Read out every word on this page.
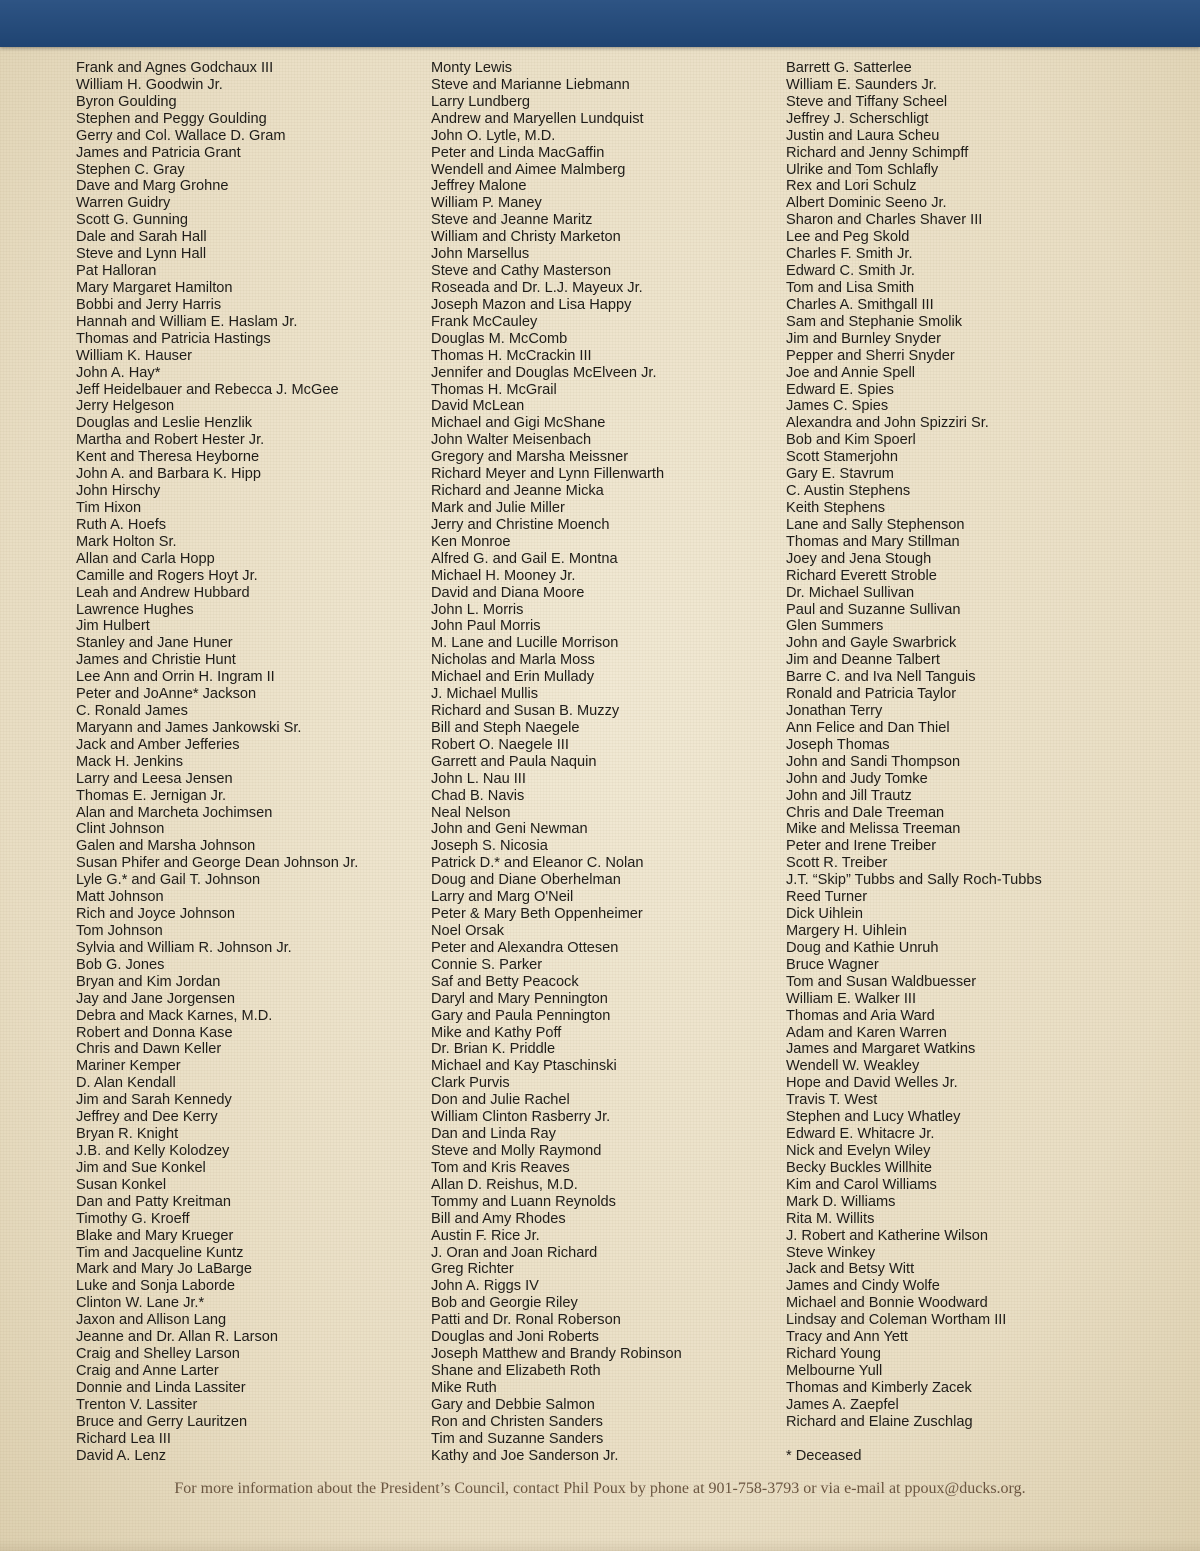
Frank and Agnes Godchaux III
William H. Goodwin Jr.
Byron Goulding
Stephen and Peggy Goulding
Gerry and Col. Wallace D. Gram
James and Patricia Grant
Stephen C. Gray
Dave and Marg Grohne
Warren Guidry
Scott G. Gunning
Dale and Sarah Hall
Steve and Lynn Hall
Pat Halloran
Mary Margaret Hamilton
Bobbi and Jerry Harris
Hannah and William E. Haslam Jr.
Thomas and Patricia Hastings
William K. Hauser
John A. Hay*
Jeff Heidelbauer and Rebecca J. McGee
Jerry Helgeson
Douglas and Leslie Henzlik
Martha and Robert Hester Jr.
Kent and Theresa Heyborne
John A. and Barbara K. Hipp
John Hirschy
Tim Hixon
Ruth A. Hoefs
Mark Holton Sr.
Allan and Carla Hopp
Camille and Rogers Hoyt Jr.
Leah and Andrew Hubbard
Lawrence Hughes
Jim Hulbert
Stanley and Jane Huner
James and Christie Hunt
Lee Ann and Orrin H. Ingram II
Peter and JoAnne* Jackson
C. Ronald James
Maryann and James Jankowski Sr.
Jack and Amber Jefferies
Mack H. Jenkins
Larry and Leesa Jensen
Thomas E. Jernigan Jr.
Alan and Marcheta Jochimsen
Clint Johnson
Galen and Marsha Johnson
Susan Phifer and George Dean Johnson Jr.
Lyle G.* and Gail T. Johnson
Matt Johnson
Rich and Joyce Johnson
Tom Johnson
Sylvia and William R. Johnson Jr.
Bob G. Jones
Bryan and Kim Jordan
Jay and Jane Jorgensen
Debra and Mack Karnes, M.D.
Robert and Donna Kase
Chris and Dawn Keller
Mariner Kemper
D. Alan Kendall
Jim and Sarah Kennedy
Jeffrey and Dee Kerry
Bryan R. Knight
J.B. and Kelly Kolodzey
Jim and Sue Konkel
Susan Konkel
Dan and Patty Kreitman
Timothy G. Kroeff
Blake and Mary Krueger
Tim and Jacqueline Kuntz
Mark and Mary Jo LaBarge
Luke and Sonja Laborde
Clinton W. Lane Jr.*
Jaxon and Allison Lang
Jeanne and Dr. Allan R. Larson
Craig and Shelley Larson
Craig and Anne Larter
Donnie and Linda Lassiter
Trenton V. Lassiter
Bruce and Gerry Lauritzen
Richard Lea III
David A. Lenz
Monty Lewis
Steve and Marianne Liebmann
Larry Lundberg
Andrew and Maryellen Lundquist
John O. Lytle, M.D.
Peter and Linda MacGaffin
Wendell and Aimee Malmberg
Jeffrey Malone
William P. Maney
Steve and Jeanne Maritz
William and Christy Marketon
John Marsellus
Steve and Cathy Masterson
Roseada and Dr. L.J. Mayeux Jr.
Joseph Mazon and Lisa Happy
Frank McCauley
Douglas M. McComb
Thomas H. McCrackin III
Jennifer and Douglas McElveen Jr.
Thomas H. McGrail
David McLean
Michael and Gigi McShane
John Walter Meisenbach
Gregory and Marsha Meissner
Richard Meyer and Lynn Fillenwarth
Richard and Jeanne Micka
Mark and Julie Miller
Jerry and Christine Moench
Ken Monroe
Alfred G. and Gail E. Montna
Michael H. Mooney Jr.
David and Diana Moore
John L. Morris
John Paul Morris
M. Lane and Lucille Morrison
Nicholas and Marla Moss
Michael and Erin Mullady
J. Michael Mullis
Richard and Susan B. Muzzy
Bill and Steph Naegele
Robert O. Naegele III
Garrett and Paula Naquin
John L. Nau III
Chad B. Navis
Neal Nelson
John and Geni Newman
Joseph S. Nicosia
Patrick D.* and Eleanor C. Nolan
Doug and Diane Oberhelman
Larry and Marg O'Neil
Peter & Mary Beth Oppenheimer
Noel Orsak
Peter and Alexandra Ottesen
Connie S. Parker
Saf and Betty Peacock
Daryl and Mary Pennington
Gary and Paula Pennington
Mike and Kathy Poff
Dr. Brian K. Priddle
Michael and Kay Ptaschinski
Clark Purvis
Don and Julie Rachel
William Clinton Rasberry Jr.
Dan and Linda Ray
Steve and Molly Raymond
Tom and Kris Reaves
Allan D. Reishus, M.D.
Tommy and Luann Reynolds
Bill and Amy Rhodes
Austin F. Rice Jr.
J. Oran and Joan Richard
Greg Richter
John A. Riggs IV
Bob and Georgie Riley
Patti and Dr. Ronal Roberson
Douglas and Joni Roberts
Joseph Matthew and Brandy Robinson
Shane and Elizabeth Roth
Mike Ruth
Gary and Debbie Salmon
Ron and Christen Sanders
Tim and Suzanne Sanders
Kathy and Joe Sanderson Jr.
Barrett G. Satterlee
William E. Saunders Jr.
Steve and Tiffany Scheel
Jeffrey J. Scherschligt
Justin and Laura Scheu
Richard and Jenny Schimpff
Ulrike and Tom Schlafly
Rex and Lori Schulz
Albert Dominic Seeno Jr.
Sharon and Charles Shaver III
Lee and Peg Skold
Charles F. Smith Jr.
Edward C. Smith Jr.
Tom and Lisa Smith
Charles A. Smithgall III
Sam and Stephanie Smolik
Jim and Burnley Snyder
Pepper and Sherri Snyder
Joe and Annie Spell
Edward E. Spies
James C. Spies
Alexandra and John Spizziri Sr.
Bob and Kim Spoerl
Scott Stamerjohn
Gary E. Stavrum
C. Austin Stephens
Keith Stephens
Lane and Sally Stephenson
Thomas and Mary Stillman
Joey and Jena Stough
Richard Everett Stroble
Dr. Michael Sullivan
Paul and Suzanne Sullivan
Glen Summers
John and Gayle Swarbrick
Jim and Deanne Talbert
Barre C. and Iva Nell Tanguis
Ronald and Patricia Taylor
Jonathan Terry
Ann Felice and Dan Thiel
Joseph Thomas
John and Sandi Thompson
John and Judy Tomke
John and Jill Trautz
Chris and Dale Treeman
Mike and Melissa Treeman
Peter and Irene Treiber
Scott R. Treiber
J.T. “Skip” Tubbs and Sally Roch-Tubbs
Reed Turner
Dick Uihlein
Margery H. Uihlein
Doug and Kathie Unruh
Bruce Wagner
Tom and Susan Waldbuesser
William E. Walker III
Thomas and Aria Ward
Adam and Karen Warren
James and Margaret Watkins
Wendell W. Weakley
Hope and David Welles Jr.
Travis T. West
Stephen and Lucy Whatley
Edward E. Whitacre Jr.
Nick and Evelyn Wiley
Becky Buckles Willhite
Kim and Carol Williams
Mark D. Williams
Rita M. Willits
J. Robert and Katherine Wilson
Steve Winkey
Jack and Betsy Witt
James and Cindy Wolfe
Michael and Bonnie Woodward
Lindsay and Coleman Wortham III
Tracy and Ann Yett
Richard Young
Melbourne Yull
Thomas and Kimberly Zacek
James A. Zaepfel
Richard and Elaine Zuschlag
* Deceased
For more information about the President’s Council, contact Phil Poux by phone at 901-758-3793 or via e-mail at ppoux@ducks.org.
